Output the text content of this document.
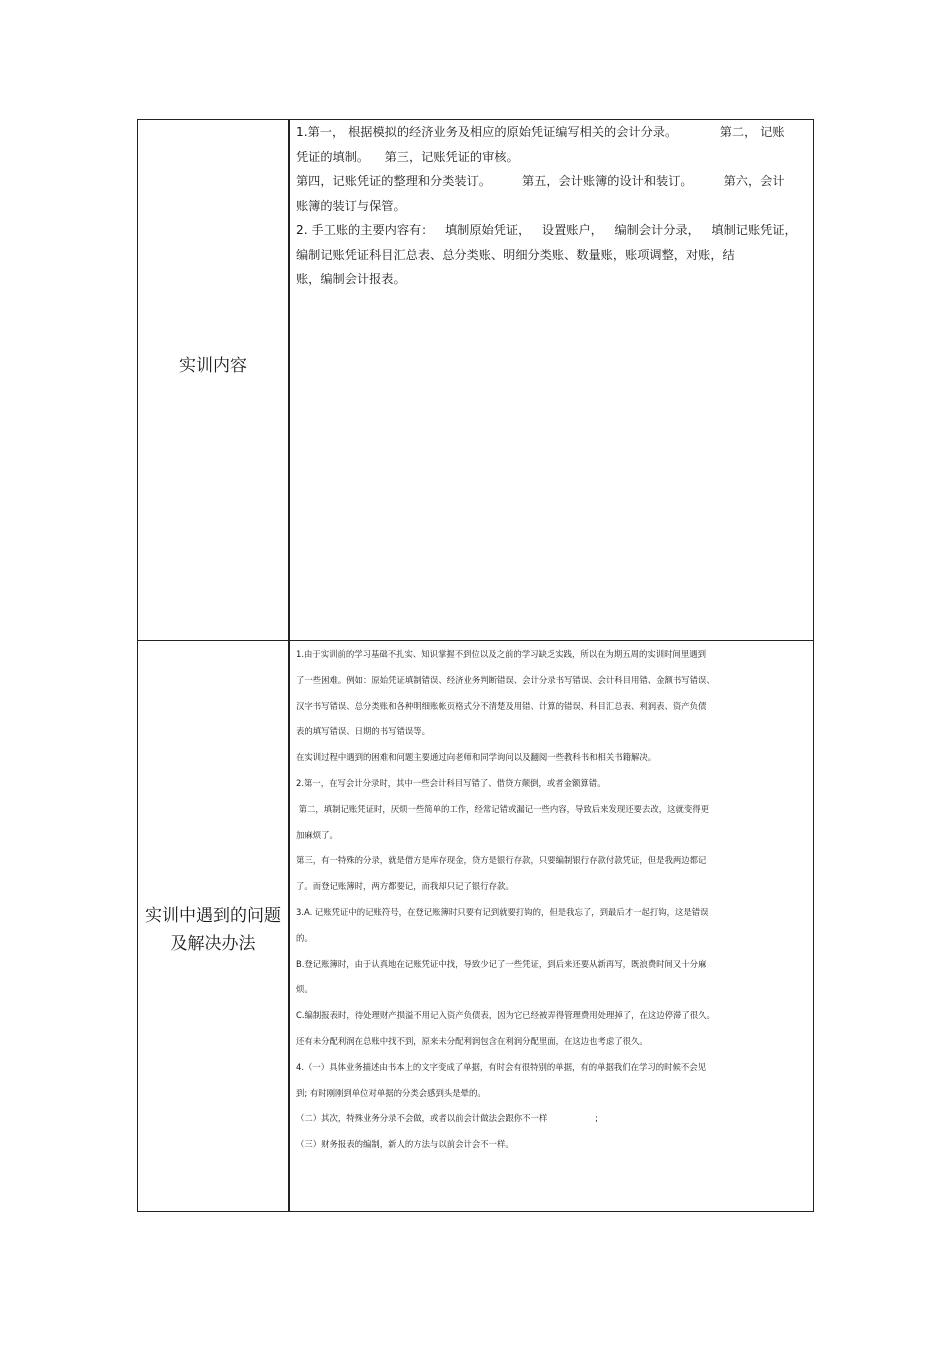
实训内容

1.第一， 根据模拟的经济业务及相应的原始凭证编写相关的会计分录。           第二， 记账
凭证的填制。    第三，记账凭证的审核。

第四，记账凭证的整理和分类装订。        第五，会计账簿的设计和装订。        第六，会计
账簿的装订与保管。

2. 手工账的主要内容有：   填制原始凭证，   设置账户，   编制会计分录，   填制记账凭证，
编制记账凭证科目汇总表、总分类账、明细分类账、数量账，账项调整，对账，结
账，编制会计报表。

实训中遇到的问题及解决办法

1.由于实训前的学习基础不扎实、知识掌握不到位以及之前的学习缺乏实践，所以在为期五周的实训时间里遇到
了一些困难。例如：原始凭证填制错误、经济业务判断错误、会计分录书写错误、会计科目用错、金额书写错误、
汉字书写错误、总分类账和各种明细账帐页格式分不清楚及用错、计算的错误、科目汇总表、利润表、资产负债
表的填写错误、日期的书写错误等。

在实训过程中遇到的困难和问题主要通过向老师和同学询问以及翻阅一些教科书和相关书籍解决。

2.第一，在写会计分录时，其中一些会计科目写错了、借贷方颠倒，或者金额算错。

第二，填制记账凭证时，厌烦一些简单的工作，经常记错或漏记一些内容，导致后来发现还要去改，这就变得更
加麻烦了。

第三，有一特殊的分录，就是借方是库存现金，贷方是银行存款，只要编制银行存款付款凭证，但是我两边都记
了。而登记账簿时，两方都要记，而我却只记了银行存款。

3.A. 记账凭证中的记账符号，在登记账簿时只要有记到就要打钩的，但是我忘了，到最后才一起打钩，这是错误
的。

B.登记账簿时，由于认真地在记账凭证中找，导致少记了一些凭证，到后来还要从新再写，既浪费时间又十分麻
烦。

C.编制报表时，待处理财产损溢不用记入资产负债表，因为它已经被弄得管理费用处理掉了，在这边停滞了很久。
还有未分配利润在总账中找不到，原来未分配利润包含在利润分配里面，在这边也考虑了很久。

4.（一）具体业务描述由书本上的文字变成了单据，有时会有很特别的单据，有的单据我们在学习的时候不会见
到; 有时刚刚到单位对单据的分类会感到头是晕的。

（二）其次，特殊业务分录不会做，或者以前会计做法会跟你不一样                  ;

（三）财务报表的编制，新人的方法与以前会计会不一样。
